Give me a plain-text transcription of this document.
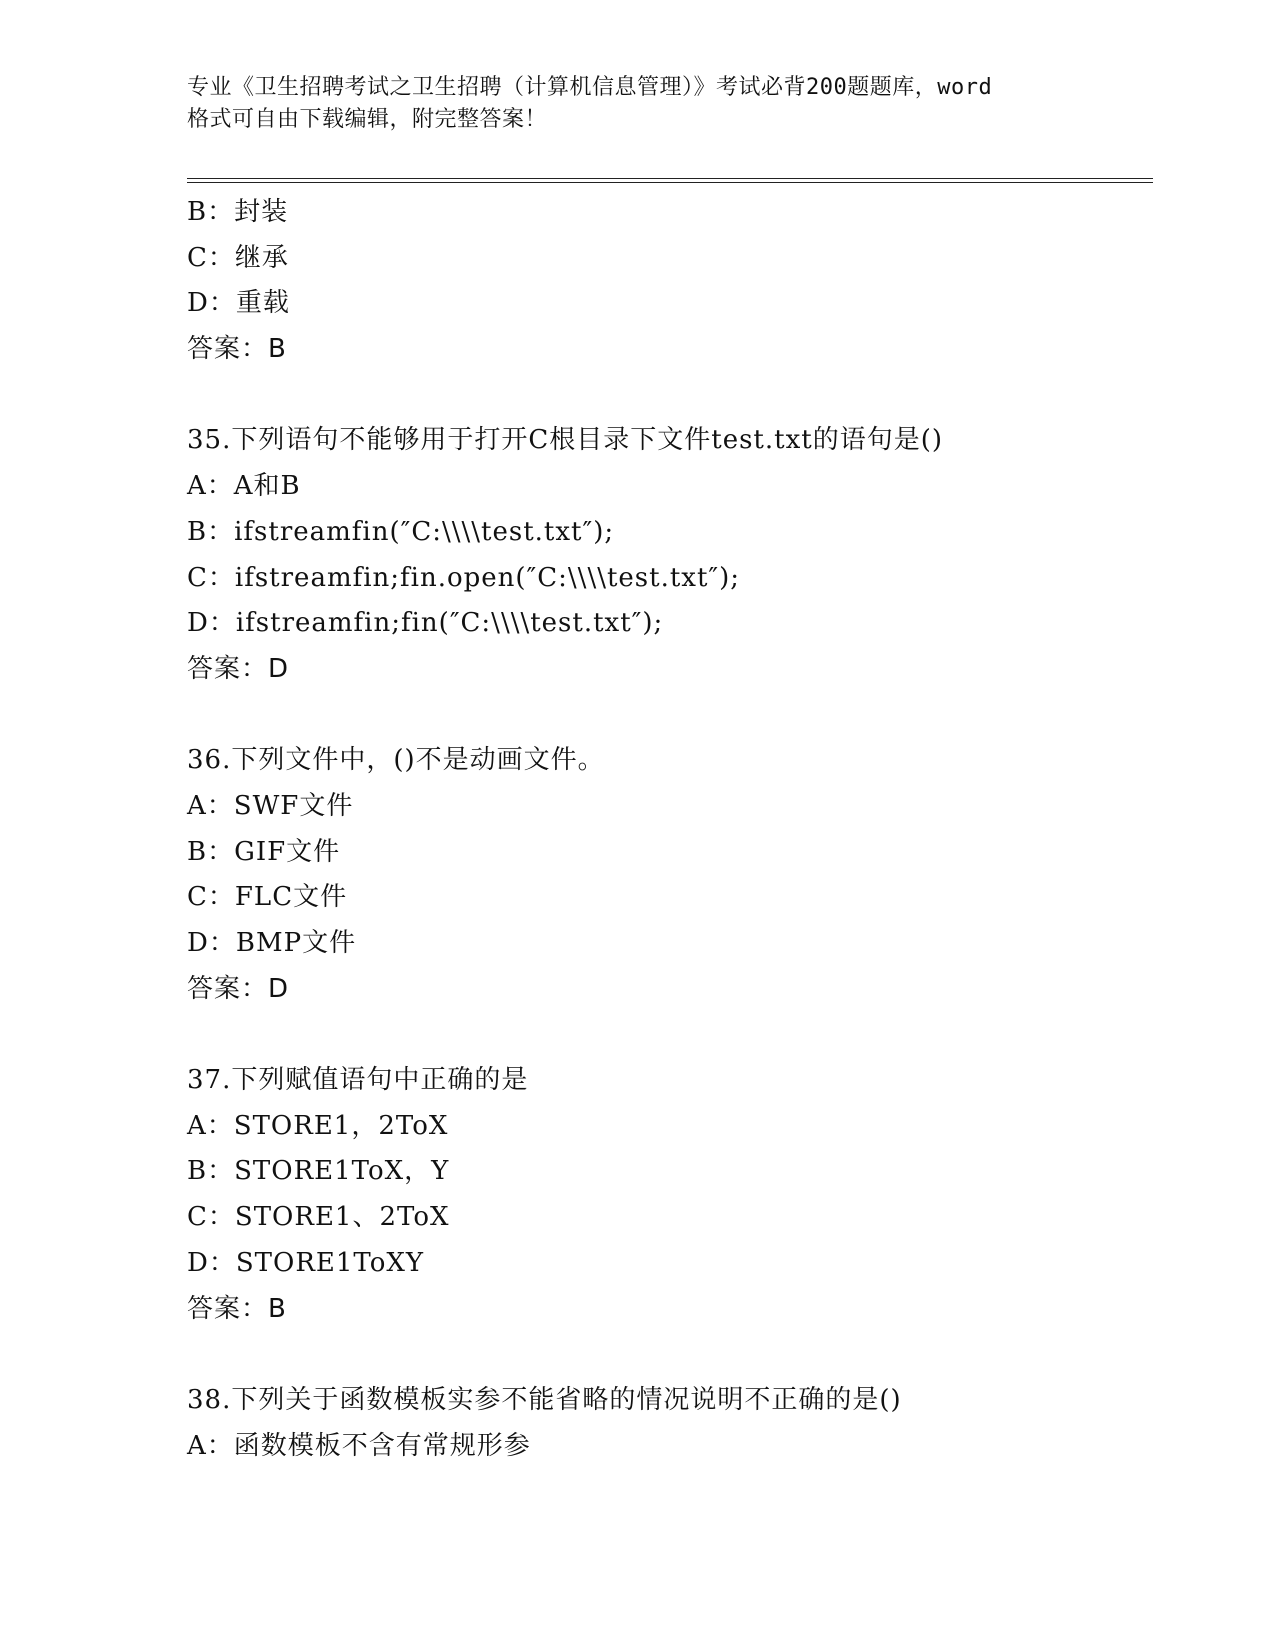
专业《卫生招聘考试之卫生招聘（计算机信息管理）》考试必背200题题库，word
格式可自由下载编辑，附完整答案！
B：封装
C：继承
D：重载
答案：B
35.下列语句不能够用于打开C根目录下文件test.txt的语句是()
A：A和B
B：ifstreamfin(″C:\\\\test.txt″);
C：ifstreamfin;fin.open(″C:\\\\test.txt″);
D：ifstreamfin;fin(″C:\\\\test.txt″);
答案：D
36.下列文件中，()不是动画文件。
A：SWF文件
B：GIF文件
C：FLC文件
D：BMP文件
答案：D
37.下列赋值语句中正确的是
A：STORE1，2ToX
B：STORE1ToX，Y
C：STORE1、2ToX
D：STORE1ToXY
答案：B
38.下列关于函数模板实参不能省略的情况说明不正确的是()
A：函数模板不含有常规形参
